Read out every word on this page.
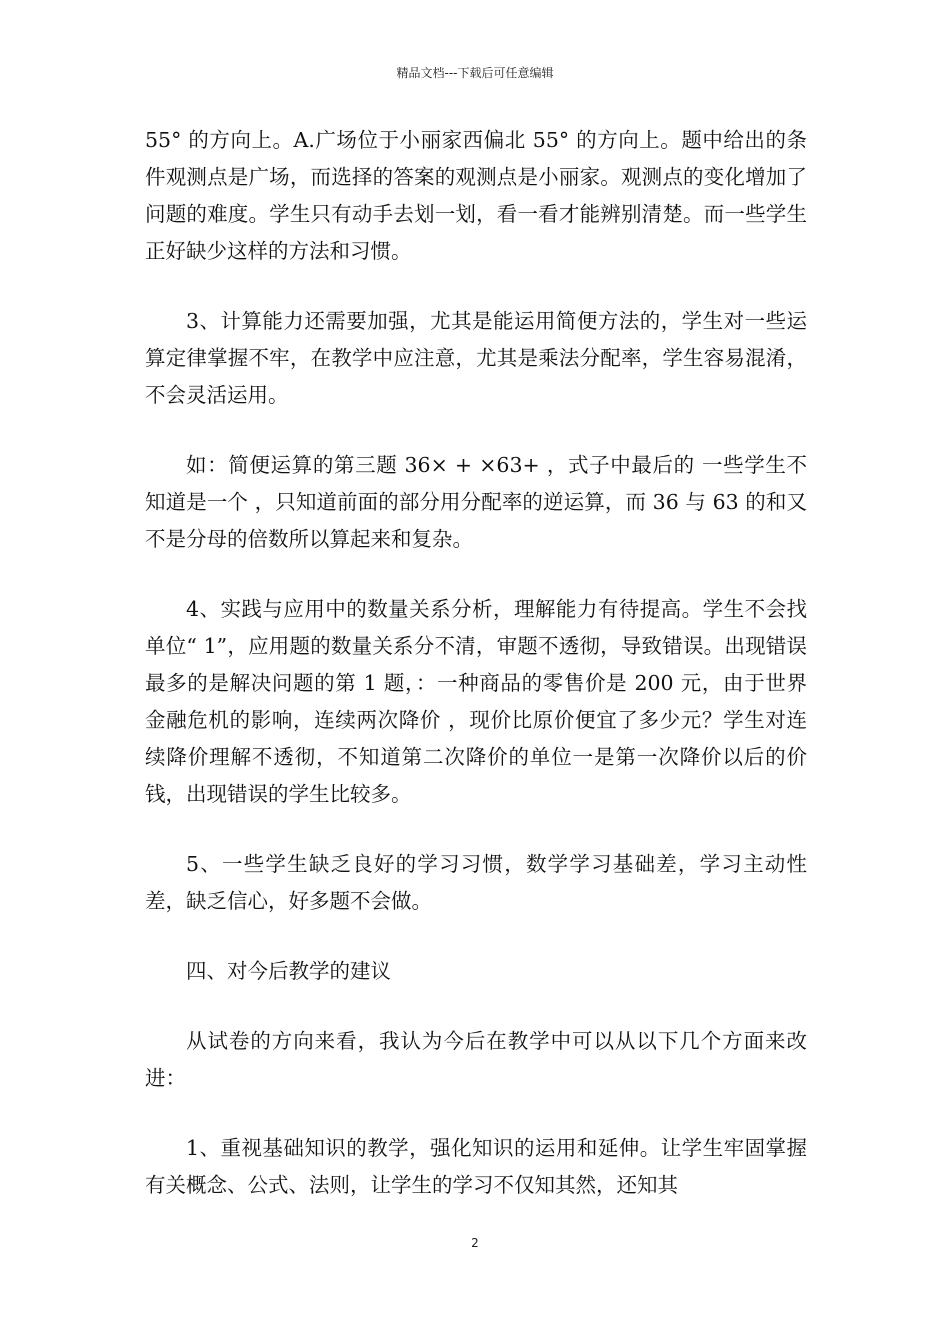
精品文档---下载后可任意编辑

55° 的方向上。A.广场位于小丽家西偏北 55° 的方向上。题中给出的条件观测点是广场，而选择的答案的观测点是小丽家。观测点的变化增加了问题的难度。学生只有动手去划一划，看一看才能辨别清楚。而一些学生正好缺少这样的方法和习惯。

3、计算能力还需要加强，尤其是能运用简便方法的，学生对一些运算定律掌握不牢，在教学中应注意，尤其是乘法分配率，学生容易混淆，不会灵活运用。

如：简便运算的第三题 36× + ×63+ ，式子中最后的 一些学生不知道是一个 ，只知道前面的部分用分配率的逆运算，而 36 与 63 的和又不是分母的倍数所以算起来和复杂。

4、实践与应用中的数量关系分析，理解能力有待提高。学生不会找单位“ 1”，应用题的数量关系分不清，审题不透彻，导致错误。出现错误最多的是解决问题的第 1 题，：一种商品的零售价是 200 元，由于世界金融危机的影响，连续两次降价 ，现价比原价便宜了多少元？学生对连续降价理解不透彻，不知道第二次降价的单位一是第一次降价以后的价钱，出现错误的学生比较多。

5、一些学生缺乏良好的学习习惯，数学学习基础差，学习主动性差，缺乏信心，好多题不会做。

四、对今后教学的建议

从试卷的方向来看，我认为今后在教学中可以从以下几个方面来改进：

1、重视基础知识的教学，强化知识的运用和延伸。让学生牢固掌握有关概念、公式、法则，让学生的学习不仅知其然，还知其

2
